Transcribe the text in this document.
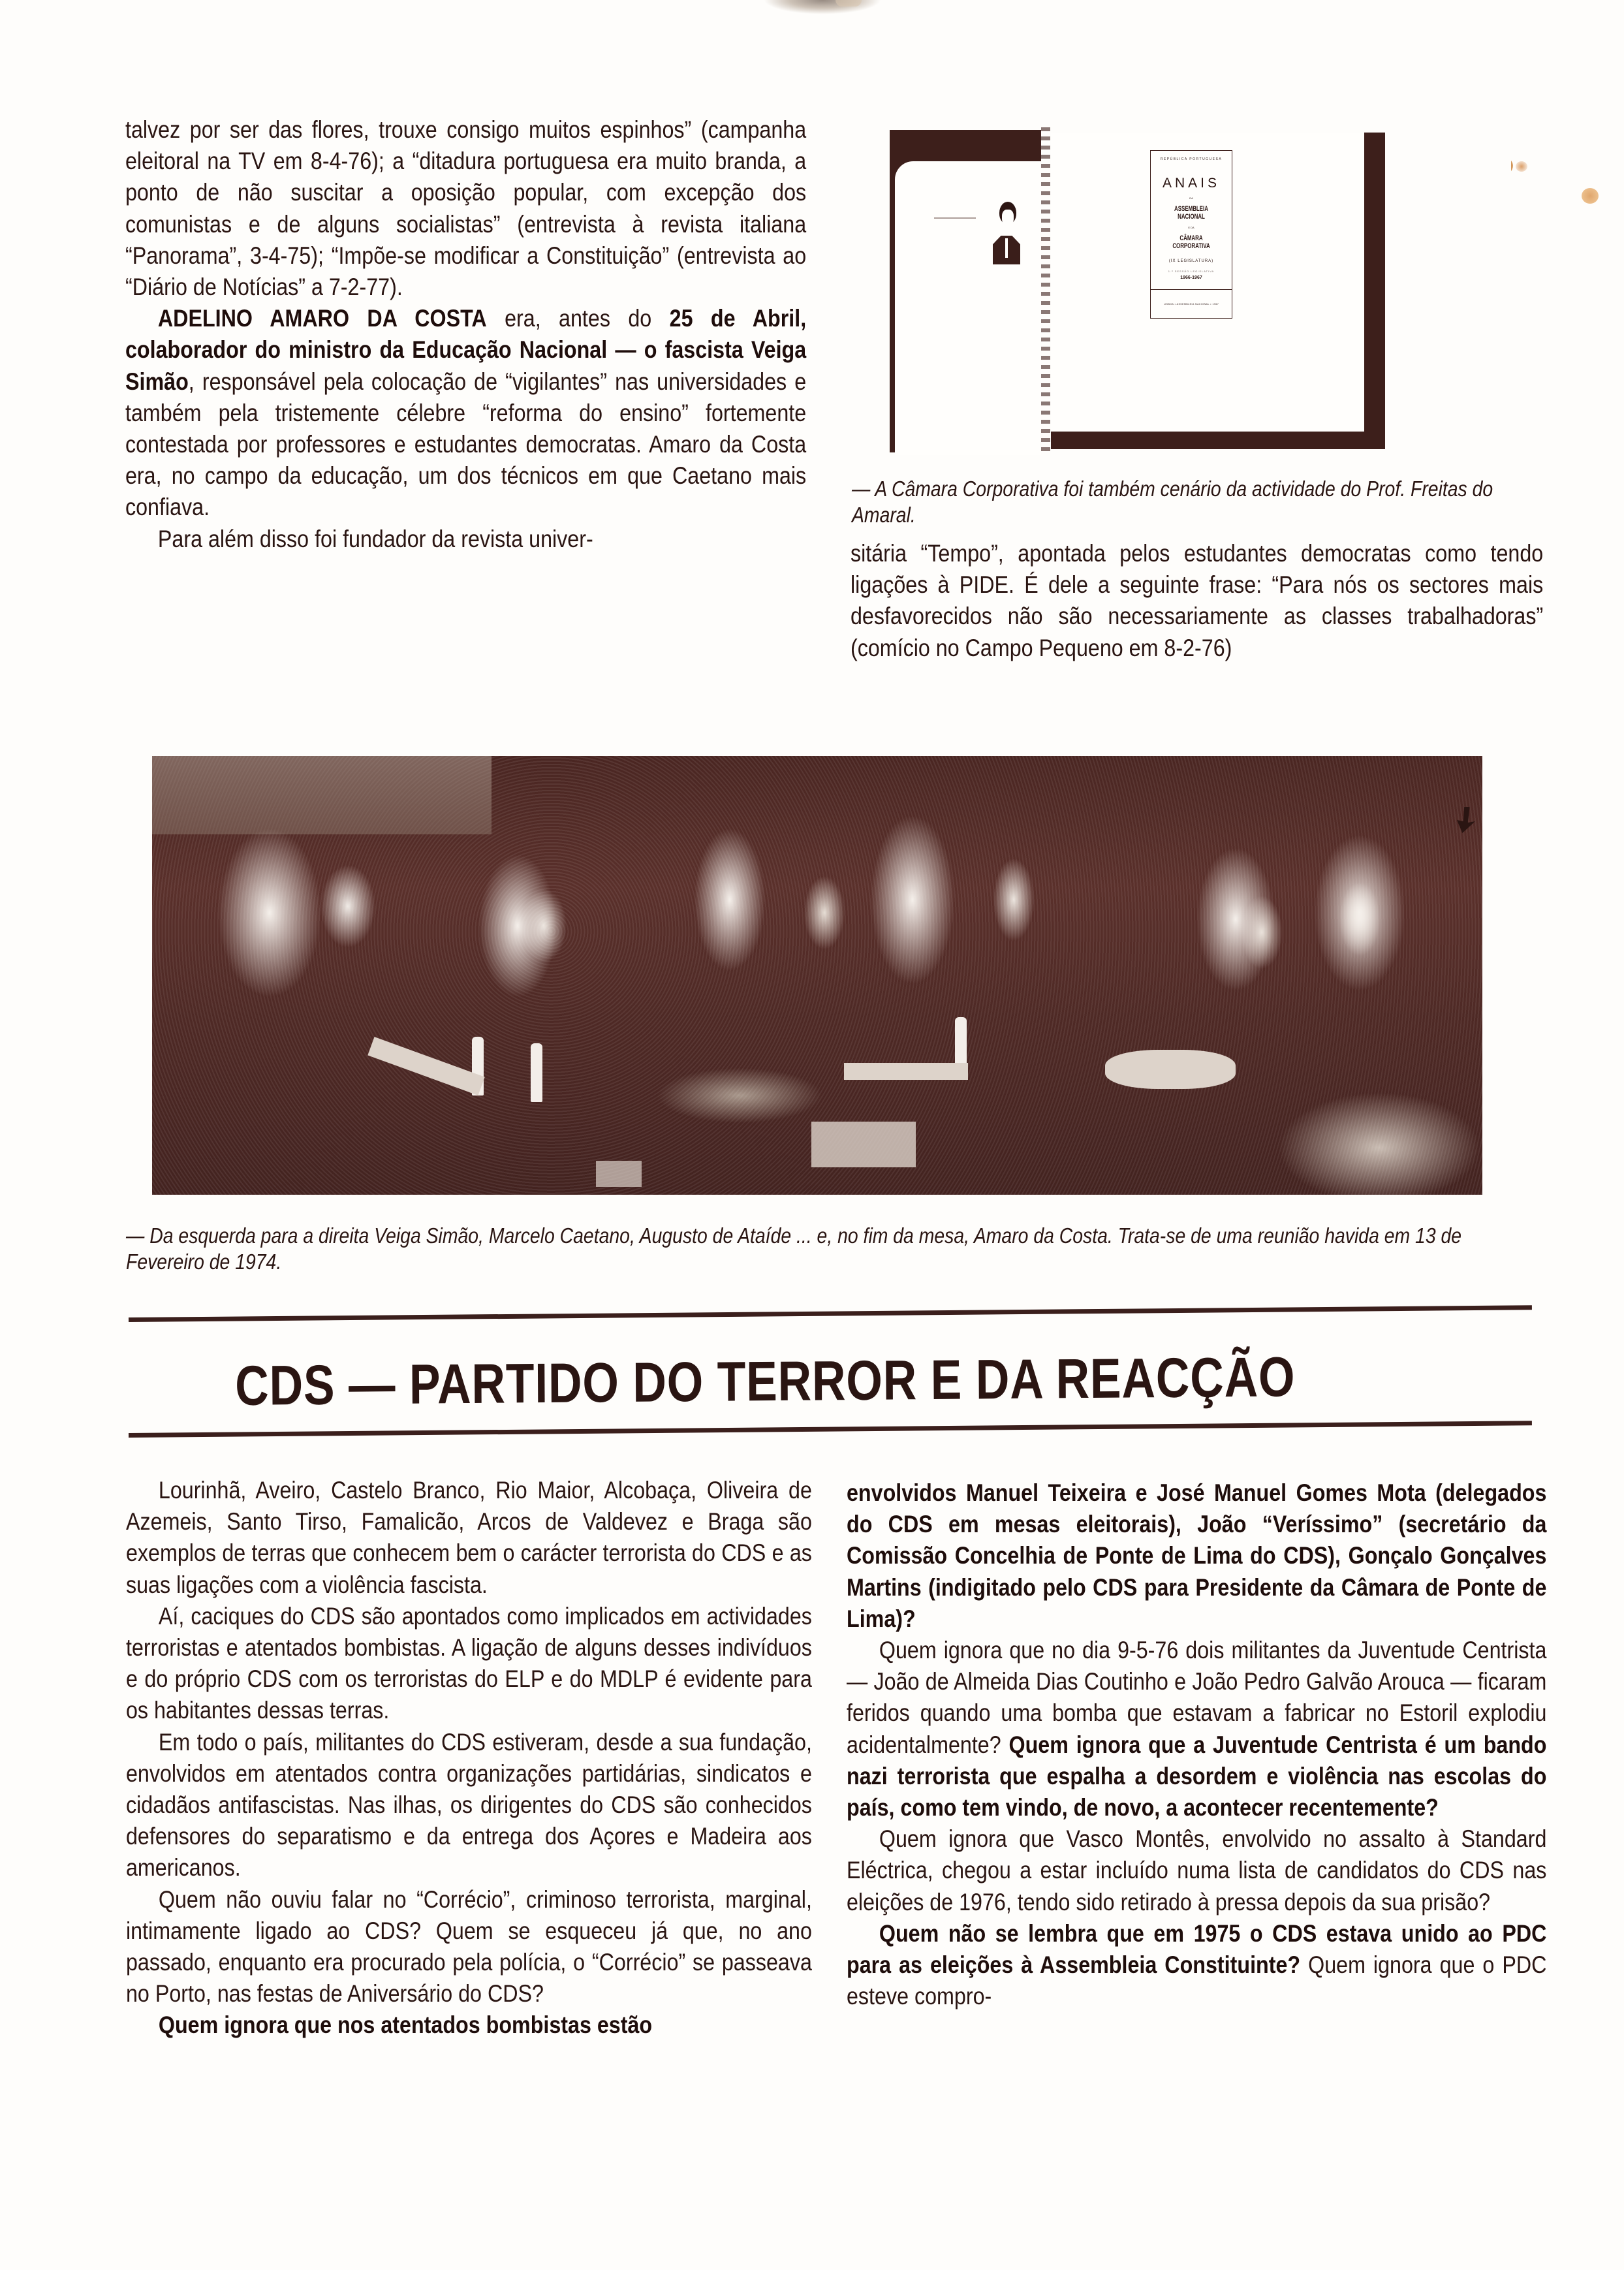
talvez por ser das flores, trouxe consigo muitos espinhos” (campanha eleitoral na TV em 8-4-76); a “ditadura portuguesa era muito branda, a ponto de não suscitar a oposição popular, com excepção dos comunistas e de alguns socialistas” (entrevista à revista italiana “Panorama”, 3-4-75); “Impõe-se modificar a Constituição” (entrevista ao “Diário de Notícias” a 7-2-77).

ADELINO AMARO DA COSTA era, antes do 25 de Abril, colaborador do ministro da Educação Nacional — o fascista Veiga Simão, responsável pela colocação de “vigilantes” nas universidades e também pela tristemente célebre “reforma do ensino” fortemente contestada por professores e estudantes democratas. Amaro da Costa era, no campo da educação, um dos técnicos em que Caetano mais confiava.

Para além disso foi fundador da revista univer-

REPÚBLICA PORTUGUESA
ANAIS
DA
ASSEMBLEIA NACIONAL
E DA
CÂMARA CORPORATIVA
(IX LEGISLATURA)
1.ª SESSÃO LEGISLATIVA
1966-1967
LISBOA • ASSEMBLEIA NACIONAL • 1967
— A Câmara Corporativa foi também cenário da actividade do Prof. Freitas do Amaral.

sitária “Tempo”, apontada pelos estudantes democratas como tendo ligações à PIDE. É dele a seguinte frase: “Para nós os sectores mais desfavorecidos não são necessariamente as classes trabalhadoras” (comício no Campo Pequeno em 8-2-76)

— Da esquerda para a direita Veiga Simão, Marcelo Caetano, Augusto de Ataíde ... e, no fim da mesa, Amaro da Costa. Trata-se de uma reunião havida em 13 de Fevereiro de 1974.
CDS — PARTIDO DO TERROR E DA REACÇÃO

Lourinhã, Aveiro, Castelo Branco, Rio Maior, Alcobaça, Oliveira de Azemeis, Santo Tirso, Famalicão, Arcos de Valdevez e Braga são exemplos de terras que conhecem bem o carácter terrorista do CDS e as suas ligações com a violência fascista.

Aí, caciques do CDS são apontados como implicados em actividades terroristas e atentados bombistas. A ligação de alguns desses indivíduos e do próprio CDS com os terroristas do ELP e do MDLP é evidente para os habitantes dessas terras.

Em todo o país, militantes do CDS estiveram, desde a sua fundação, envolvidos em atentados contra organizações partidárias, sindicatos e cidadãos antifascistas. Nas ilhas, os dirigentes do CDS são conhecidos defensores do separatismo e da entrega dos Açores e Madeira aos americanos.

Quem não ouviu falar no “Corrécio”, criminoso terrorista, marginal, intimamente ligado ao CDS? Quem se esqueceu já que, no ano passado, enquanto era procurado pela polícia, o “Corrécio” se passeava no Porto, nas festas de Aniversário do CDS?

Quem ignora que nos atentados bombistas estão

envolvidos Manuel Teixeira e José Manuel Gomes Mota (delegados do CDS em mesas eleitorais), João “Veríssimo” (secretário da Comissão Concelhia de Ponte de Lima do CDS), Gonçalo Gonçalves Martins (indigitado pelo CDS para Presidente da Câmara de Ponte de Lima)?

Quem ignora que no dia 9-5-76 dois militantes da Juventude Centrista — João de Almeida Dias Coutinho e João Pedro Galvão Arouca — ficaram feridos quando uma bomba que estavam a fabricar no Estoril explodiu acidentalmente? Quem ignora que a Juventude Centrista é um bando nazi terrorista que espalha a desordem e violência nas escolas do país, como tem vindo, de novo, a acontecer recentemente?

Quem ignora que Vasco Montês, envolvido no assalto à Standard Eléctrica, chegou a estar incluído numa lista de candidatos do CDS nas eleições de 1976, tendo sido retirado à pressa depois da sua prisão?

Quem não se lembra que em 1975 o CDS estava unido ao PDC para as eleições à Assembleia Constituinte? Quem ignora que o PDC esteve compro-
